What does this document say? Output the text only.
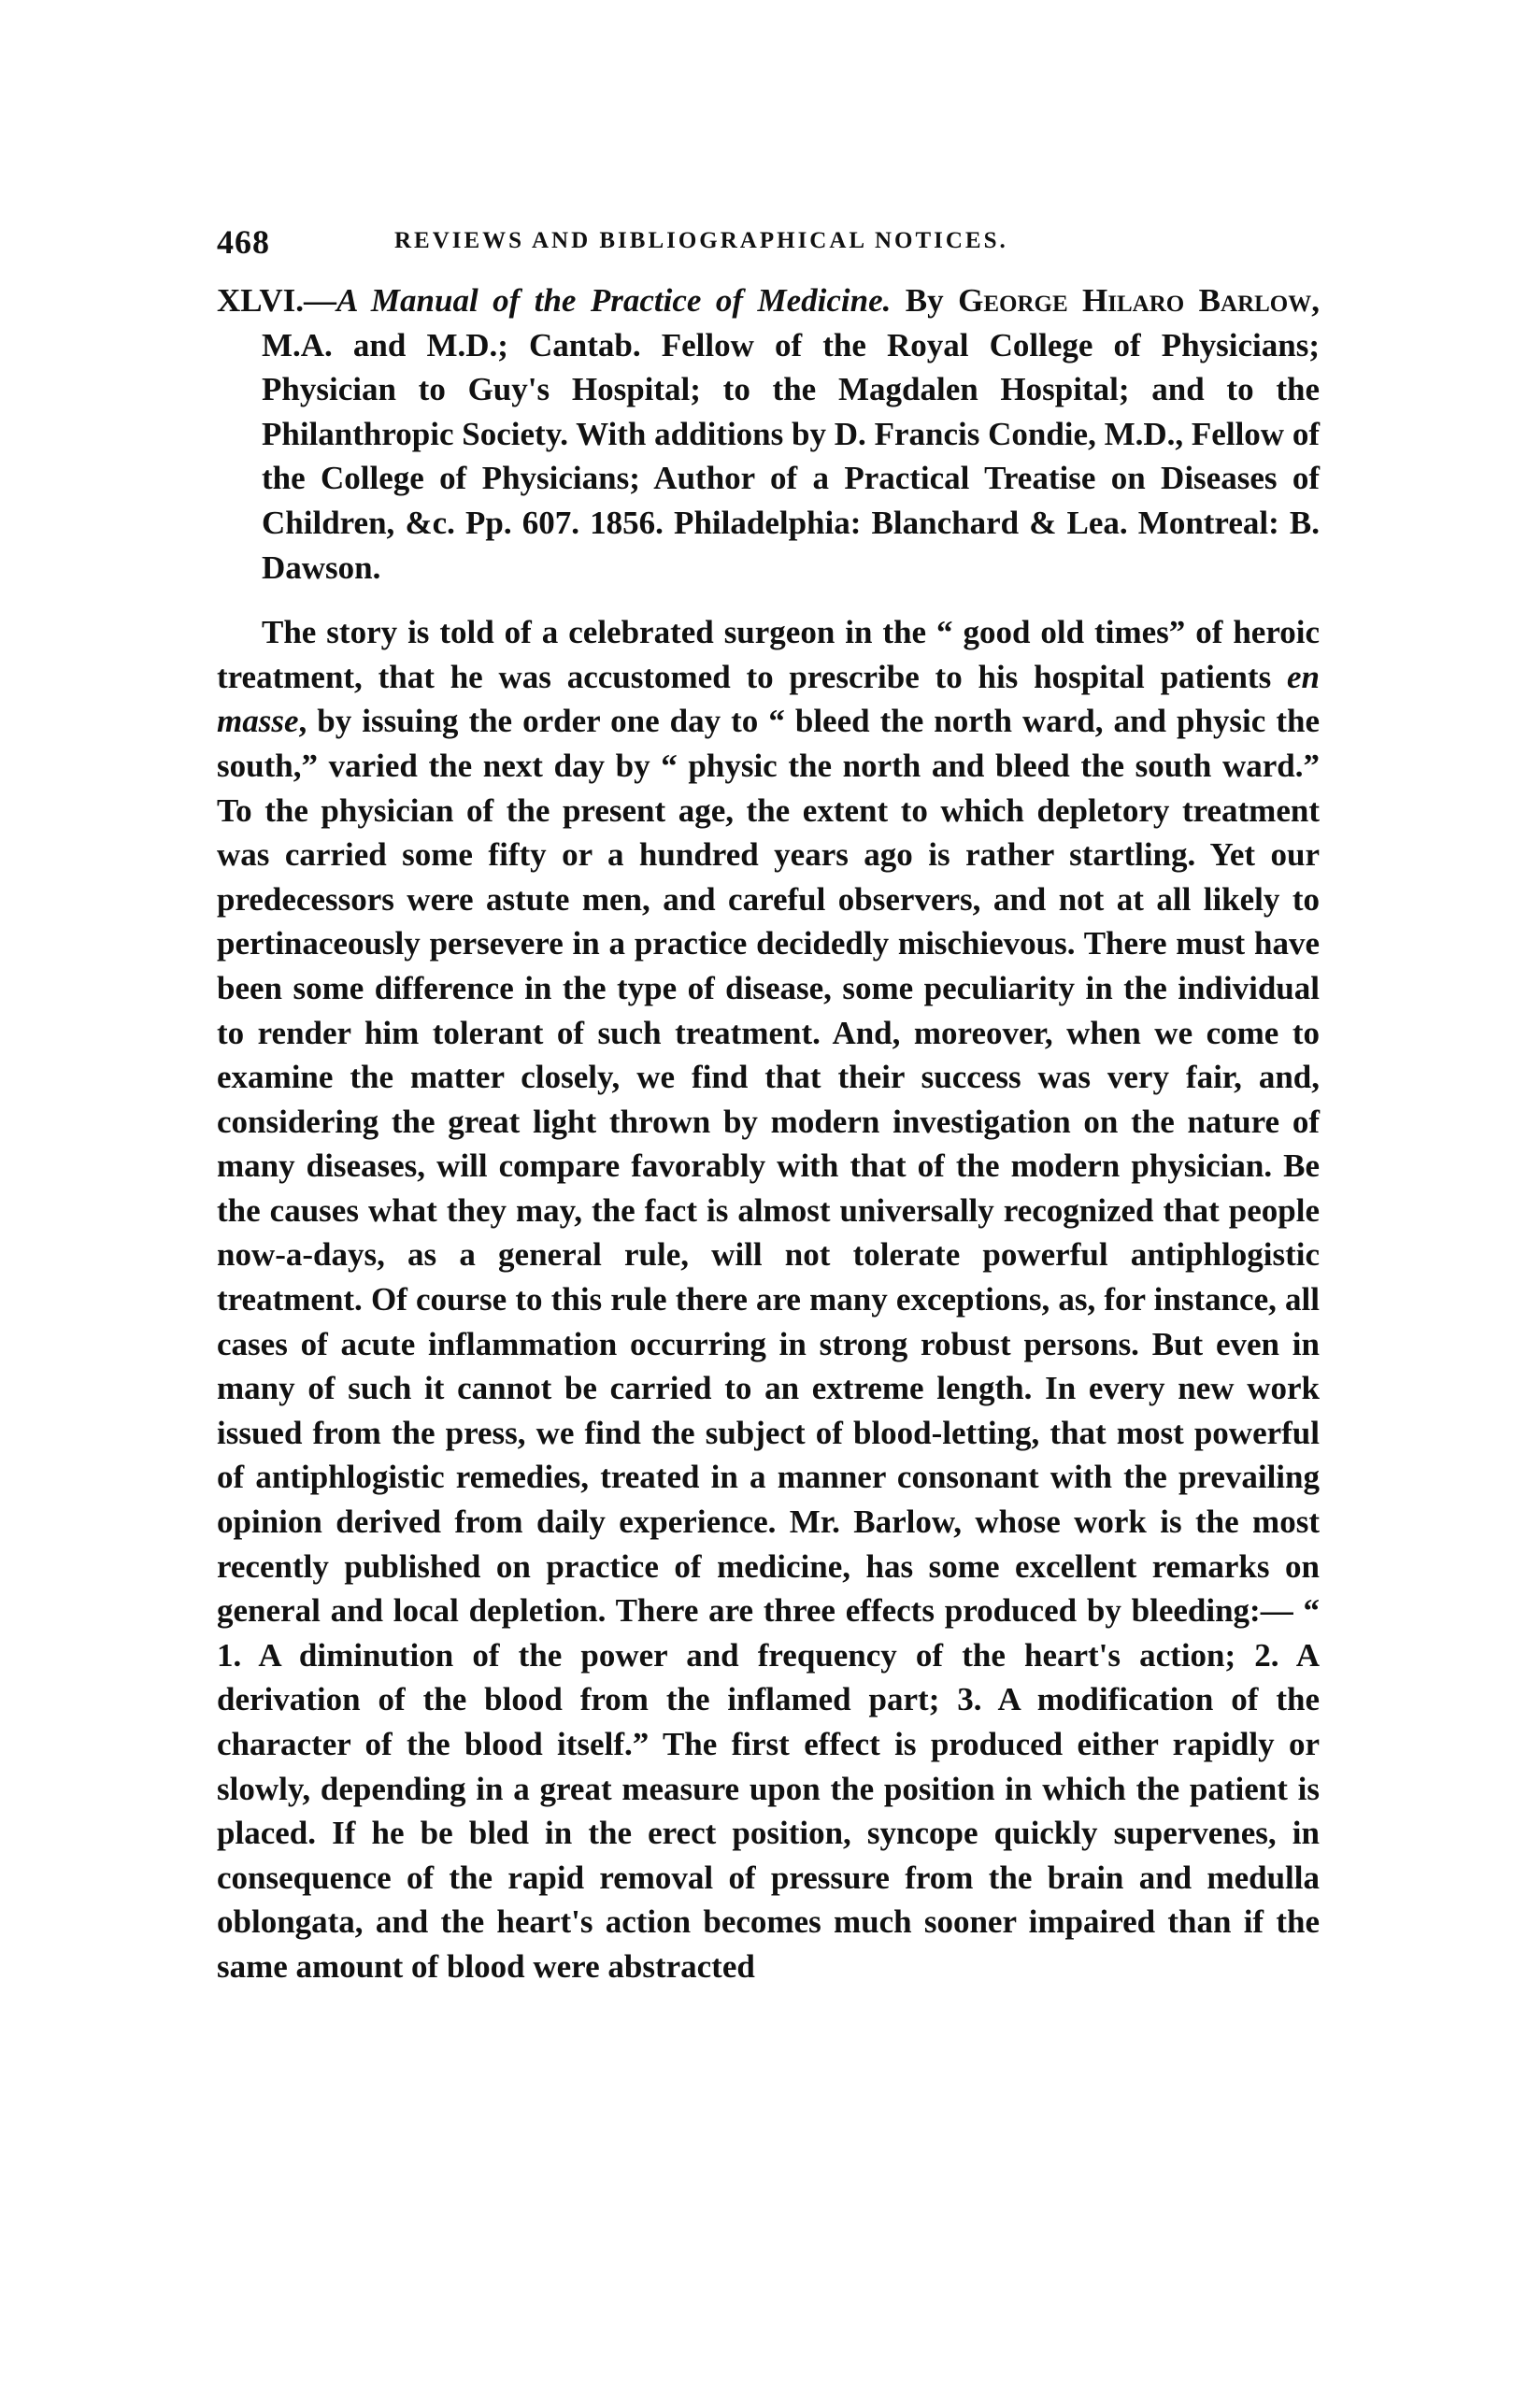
468	REVIEWS AND BIBLIOGRAPHICAL NOTICES.

XLVI.—A Manual of the Practice of Medicine. By George Hilaro Barlow, M.A. and M.D.; Cantab. Fellow of the Royal College of Physicians; Physician to Guy's Hospital; to the Magdalen Hospital; and to the Philanthropic Society. With additions by D. Francis Condie, M.D., Fellow of the College of Physicians; Author of a Practical Treatise on Diseases of Children, &c. Pp. 607. 1856. Philadelphia: Blanchard & Lea. Montreal: B. Dawson.

The story is told of a celebrated surgeon in the “ good old times” of heroic treatment, that he was accustomed to prescribe to his hospital patients en masse, by issuing the order one day to “ bleed the north ward, and physic the south,” varied the next day by “ physic the north and bleed the south ward.” To the physician of the present age, the extent to which depletory treatment was carried some fifty or a hundred years ago is rather startling. Yet our predecessors were astute men, and careful observers, and not at all likely to pertinaceously persevere in a practice decidedly mischievous. There must have been some difference in the type of disease, some peculiarity in the individual to render him tolerant of such treatment. And, moreover, when we come to examine the matter closely, we find that their success was very fair, and, considering the great light thrown by modern investigation on the nature of many diseases, will compare favorably with that of the modern physician. Be the causes what they may, the fact is almost universally recognized that people now-a-days, as a general rule, will not tolerate powerful antiphlogistic treatment. Of course to this rule there are many exceptions, as, for instance, all cases of acute inflammation occurring in strong robust persons. But even in many of such it cannot be carried to an extreme length. In every new work issued from the press, we find the subject of blood-letting, that most powerful of antiphlogistic remedies, treated in a manner consonant with the prevailing opinion derived from daily experience. Mr. Barlow, whose work is the most recently published on practice of medicine, has some excellent remarks on general and local depletion. There are three effects produced by bleeding:— “ 1. A diminution of the power and frequency of the heart's action; 2. A derivation of the blood from the inflamed part; 3. A modification of the character of the blood itself.” The first effect is produced either rapidly or slowly, depending in a great measure upon the position in which the patient is placed. If he be bled in the erect position, syncope quickly supervenes, in consequence of the rapid removal of pressure from the brain and medulla oblongata, and the heart's action becomes much sooner impaired than if the same amount of blood were abstracted
